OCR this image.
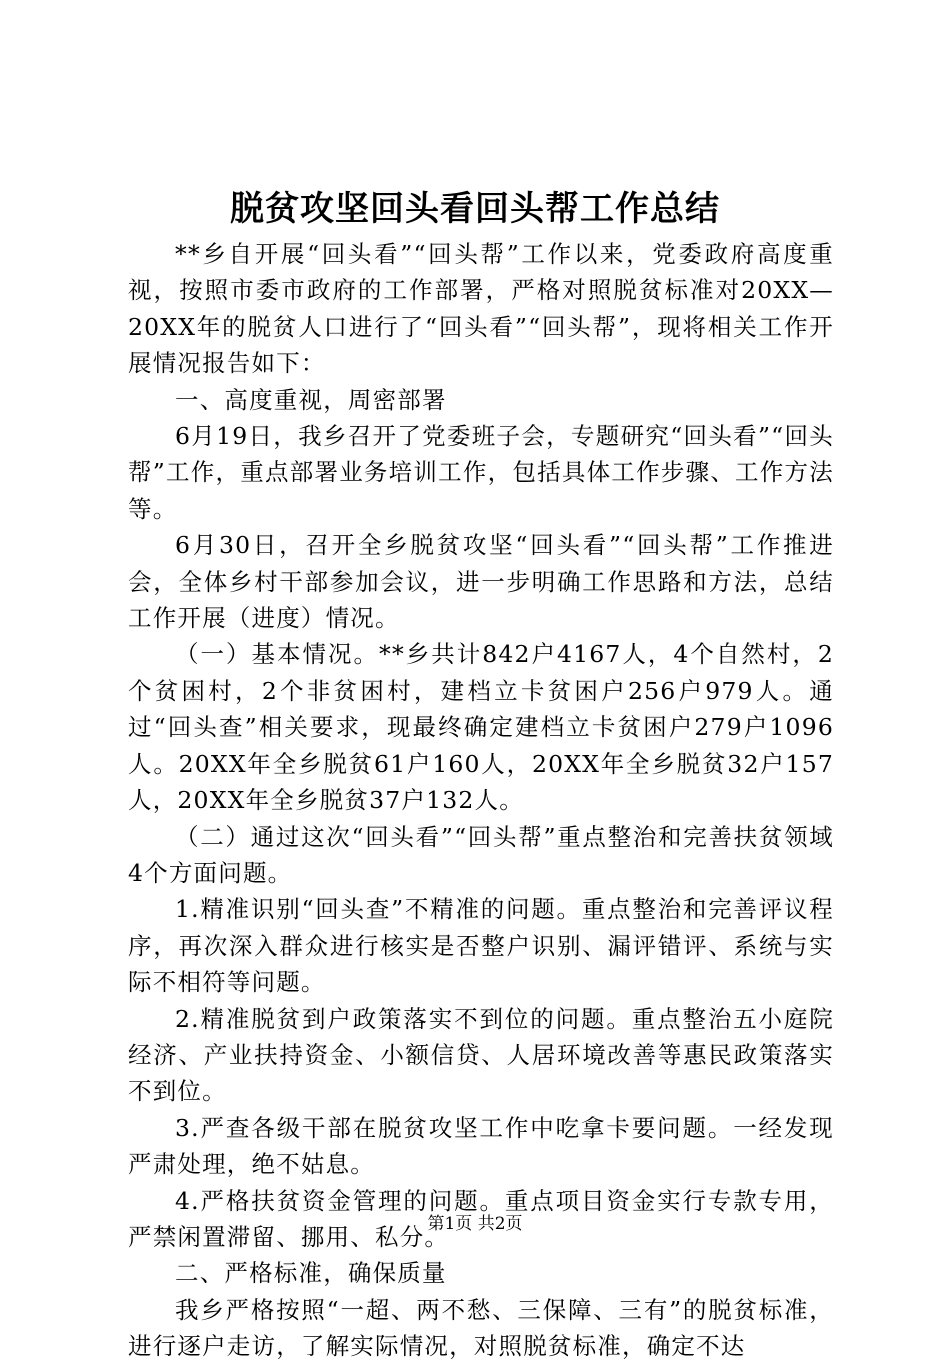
脱贫攻坚回头看回头帮工作总结

**乡自开展“回头看”“回头帮”工作以来，党委政府高度重视，按照市委市政府的工作部署，严格对照脱贫标准对20XX—20XX年的脱贫人口进行了“回头看”“回头帮”，现将相关工作开展情况报告如下：

一、高度重视，周密部署

6月19日，我乡召开了党委班子会，专题研究“回头看”“回头帮”工作，重点部署业务培训工作，包括具体工作步骤、工作方法等。

6月30日，召开全乡脱贫攻坚“回头看”“回头帮”工作推进会，全体乡村干部参加会议，进一步明确工作思路和方法，总结工作开展（进度）情况。

（一）基本情况。**乡共计842户4167人，4个自然村，2个贫困村，2个非贫困村，建档立卡贫困户256户979人。通过“回头查”相关要求，现最终确定建档立卡贫困户279户1096人。20XX年全乡脱贫61户160人，20XX年全乡脱贫32户157人，20XX年全乡脱贫37户132人。

（二）通过这次“回头看”“回头帮”重点整治和完善扶贫领域4个方面问题。

1.精准识别“回头查”不精准的问题。重点整治和完善评议程序，再次深入群众进行核实是否整户识别、漏评错评、系统与实际不相符等问题。

2.精准脱贫到户政策落实不到位的问题。重点整治五小庭院经济、产业扶持资金、小额信贷、人居环境改善等惠民政策落实不到位。

3.严查各级干部在脱贫攻坚工作中吃拿卡要问题。一经发现严肃处理，绝不姑息。

4.严格扶贫资金管理的问题。重点项目资金实行专款专用，严禁闲置滞留、挪用、私分。

二、严格标准，确保质量

我乡严格按照“一超、两不愁、三保障、三有”的脱贫标准，进行逐户走访，了解实际情况，对照脱贫标准，确定不达

第1页 共2页
